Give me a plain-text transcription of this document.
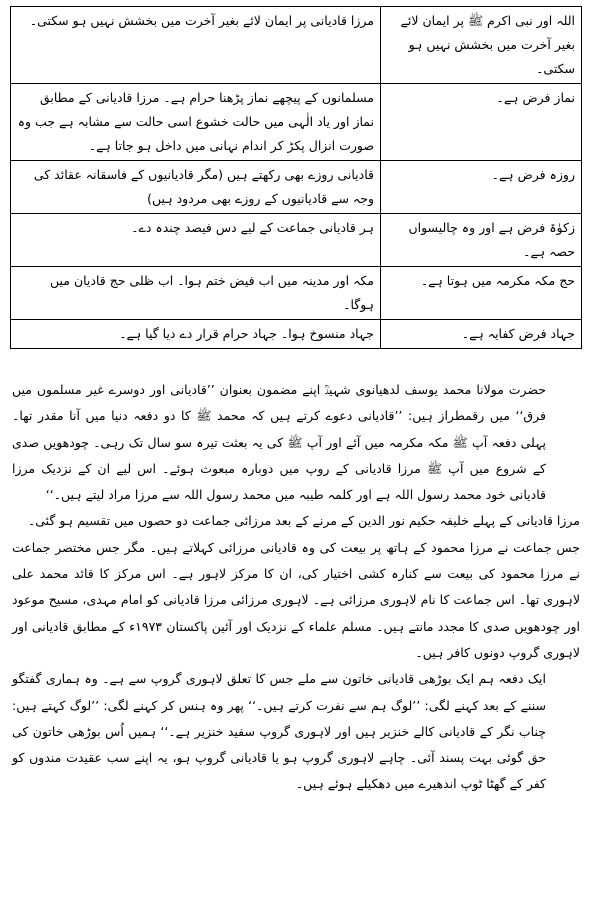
اللہ اور نبی اکرم ﷺ پر ایمان لائے بغیر آخرت میں بخشش نہیں ہو سکتی۔	مرزا قادیانی پر ایمان لائے بغیر آخرت میں بخشش نہیں ہو سکتی۔
نماز فرض ہے۔	مسلمانوں کے پیچھے نماز پڑھنا حرام ہے۔ مرزا قادیانی کے مطابق نماز اور یاد الٰہی میں حالت خشوع اسی حالت سے مشابہ ہے جب وہ صورت انزال پکڑ کر اندام نہانی میں داخل ہو جاتا ہے۔
روزہ فرض ہے۔	قادیانی روزے بھی رکھتے ہیں (مگر قادیانیوں کے فاسقانہ عقائد کی وجہ سے قادیانیوں کے روزے بھی مردود ہیں)
زکوٰۃ فرض ہے اور وہ چالیسواں حصہ ہے۔	ہر قادیانی جماعت کے لیے دس فیصد چندہ دے۔
حج مکہ مکرمہ میں ہوتا ہے۔	مکہ اور مدینہ میں اب فیض ختم ہوا۔ اب ظلی حج قادیان میں ہوگا۔
جہاد فرض کفایہ ہے۔	جہاد منسوخ ہوا۔ جہاد حرام قرار دے دیا گیا ہے۔

حضرت مولانا محمد یوسف لدھیانوی شہیدؒ اپنے مضمون بعنوان ’’قادیانی اور دوسرے غیر مسلموں میں فرق‘‘ میں رقمطراز ہیں: ’’قادیانی دعوے کرتے ہیں کہ محمد ﷺ کا دو دفعہ دنیا میں آنا مقدر تھا۔ پہلی دفعہ آپ ﷺ مکہ مکرمہ میں آئے اور آپ ﷺ کی یہ بعثت تیرہ سو سال تک رہی۔ چودھویں صدی کے شروع میں آپ ﷺ مرزا قادیانی کے روپ میں دوبارہ مبعوث ہوئے۔ اس لیے ان کے نزدیک مرزا قادیانی خود محمد رسول اللہ ہے اور کلمہ طیبہ میں محمد رسول اللہ سے مرزا مراد لیتے ہیں۔‘‘

مرزا قادیانی کے پہلے خلیفہ حکیم نور الدین کے مرنے کے بعد مرزائی جماعت دو حصوں میں تقسیم ہو گئی۔

جس جماعت نے مرزا محمود کے ہاتھ پر بیعت کی وہ قادیانی مرزائی کہلاتے ہیں۔ مگر جس مختصر جماعت نے مرزا محمود کی بیعت سے کنارہ کشی اختیار کی، ان کا مرکز لاہور ہے۔ اس مرکز کا قائد محمد علی لاہوری تھا۔ اس جماعت کا نام لاہوری مرزائی ہے۔ لاہوری مرزائی مرزا قادیانی کو امام مہدی، مسیح موعود اور چودھویں صدی کا مجدد مانتے ہیں۔ مسلم علماء کے نزدیک اور آئین پاکستان ۱۹۷۳ء کے مطابق قادیانی اور لاہوری گروپ دونوں کافر ہیں۔

ایک دفعہ ہم ایک بوڑھی قادیانی خاتون سے ملے جس کا تعلق لاہوری گروپ سے ہے۔ وہ ہماری گفتگو سننے کے بعد کہنے لگی: ’’لوگ ہم سے نفرت کرتے ہیں۔‘‘ پھر وہ ہنس کر کہنے لگی: ’’لوگ کہتے ہیں: چناب نگر کے قادیانی کالے خنزیر ہیں اور لاہوری گروپ سفید خنزیر ہے۔‘‘ ہمیں اُس بوڑھی خاتون کی حق گوئی بہت پسند آئی۔ چاہے لاہوری گروپ ہو یا قادیانی گروپ ہو، یہ اپنے سب عقیدت مندوں کو کفر کے گھٹا ٹوپ اندھیرے میں دھکیلے ہوئے ہیں۔
